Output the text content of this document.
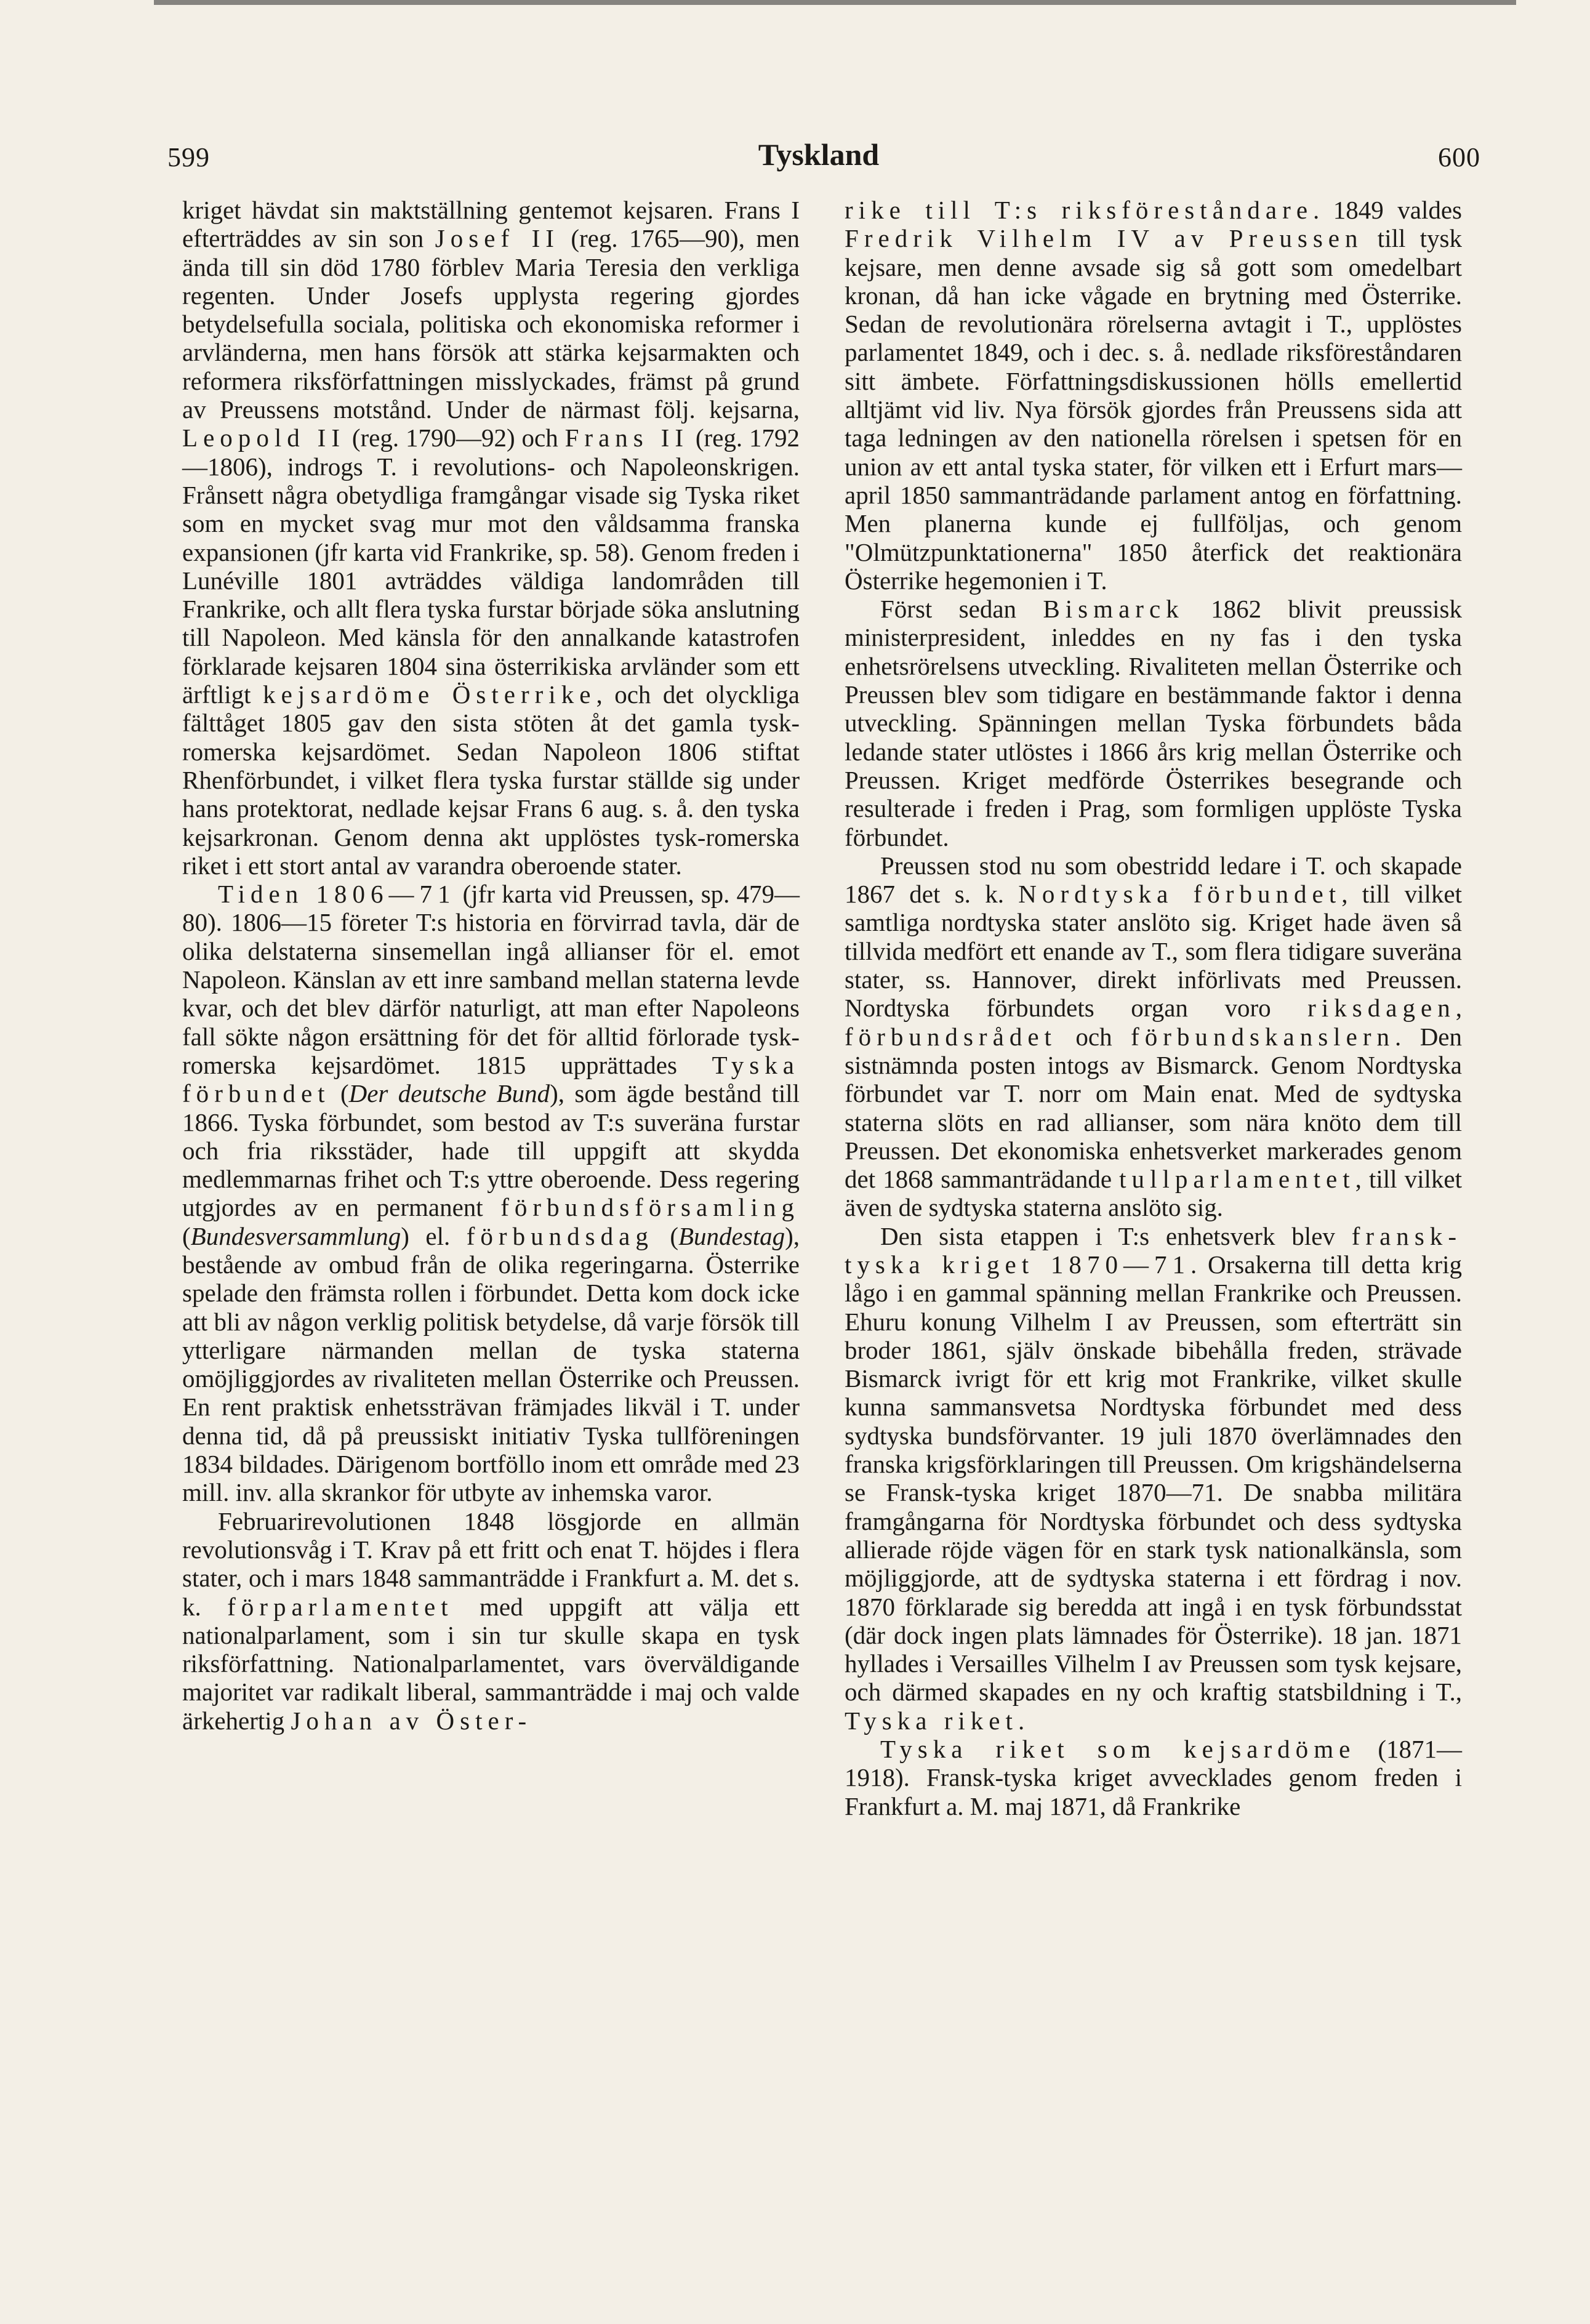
599	Tyskland	600

kriget hävdat sin maktställning gentemot kejsaren. Frans I efterträddes av sin son Josef II (reg. 1765—90), men ända till sin död 1780 förblev Maria Teresia den verkliga regenten. Under Josefs upplysta regering gjordes betydelsefulla sociala, politiska och ekonomiska reformer i arvländerna, men hans försök att stärka kejsarmakten och reformera riksförfattningen misslyckades, främst på grund av Preussens motstånd. Under de närmast följ. kejsarna, Leopold II (reg. 1790—92) och Frans II (reg. 1792—1806), indrogs T. i revolutions- och Napoleonskrigen. Frånsett några obetydliga framgångar visade sig Tyska riket som en mycket svag mur mot den våldsamma franska expansionen (jfr karta vid Frankrike, sp. 58). Genom freden i Lunéville 1801 avträddes väldiga landområden till Frankrike, och allt flera tyska furstar började söka anslutning till Napoleon. Med känsla för den annalkande katastrofen förklarade kejsaren 1804 sina österrikiska arvländer som ett ärftligt kejsardöme Österrike, och det olyckliga fälttåget 1805 gav den sista stöten åt det gamla tysk-romerska kejsardömet. Sedan Napoleon 1806 stiftat Rhenförbundet, i vilket flera tyska furstar ställde sig under hans protektorat, nedlade kejsar Frans 6 aug. s. å. den tyska kejsarkronan. Genom denna akt upplöstes tysk-romerska riket i ett stort antal av varandra oberoende stater.

Tiden 1806—71 (jfr karta vid Preussen, sp. 479—80). 1806—15 företer T:s historia en förvirrad tavla, där de olika delstaterna sinsemellan ingå allianser för el. emot Napoleon. Känslan av ett inre samband mellan staterna levde kvar, och det blev därför naturligt, att man efter Napoleons fall sökte någon ersättning för det för alltid förlorade tysk-romerska kejsardömet. 1815 upprättades Tyska förbundet (Der deutsche Bund), som ägde bestånd till 1866. Tyska förbundet, som bestod av T:s suveräna furstar och fria riksstäder, hade till uppgift att skydda medlemmarnas frihet och T:s yttre oberoende. Dess regering utgjordes av en permanent förbundsförsamling (Bundesversammlung) el. förbundsdag (Bundestag), bestående av ombud från de olika regeringarna. Österrike spelade den främsta rollen i förbundet. Detta kom dock icke att bli av någon verklig politisk betydelse, då varje försök till ytterligare närmanden mellan de tyska staterna omöjliggjordes av rivaliteten mellan Österrike och Preussen. En rent praktisk enhetssträvan främjades likväl i T. under denna tid, då på preussiskt initiativ Tyska tullföreningen 1834 bildades. Därigenom bortföllo inom ett område med 23 mill. inv. alla skrankor för utbyte av inhemska varor.

Februarirevolutionen 1848 lösgjorde en allmän revolutionsvåg i T. Krav på ett fritt och enat T. höjdes i flera stater, och i mars 1848 sammanträdde i Frankfurt a. M. det s. k. förparlamentet med uppgift att välja ett nationalparlament, som i sin tur skulle skapa en tysk riksförfattning. Nationalparlamentet, vars överväldigande majoritet var radikalt liberal, sammanträdde i maj och valde ärkehertig Johan av Öster-

rike till T:s riksföreståndare. 1849 valdes Fredrik Vilhelm IV av Preussen till tysk kejsare, men denne avsade sig så gott som omedelbart kronan, då han icke vågade en brytning med Österrike. Sedan de revolutionära rörelserna avtagit i T., upplöstes parlamentet 1849, och i dec. s. å. nedlade riksföreståndaren sitt ämbete. Författningsdiskussionen hölls emellertid alltjämt vid liv. Nya försök gjordes från Preussens sida att taga ledningen av den nationella rörelsen i spetsen för en union av ett antal tyska stater, för vilken ett i Erfurt mars—april 1850 sammanträdande parlament antog en författning. Men planerna kunde ej fullföljas, och genom "Olmützpunktationerna" 1850 återfick det reaktionära Österrike hegemonien i T.

Först sedan Bismarck 1862 blivit preussisk ministerpresident, inleddes en ny fas i den tyska enhetsrörelsens utveckling. Rivaliteten mellan Österrike och Preussen blev som tidigare en bestämmande faktor i denna utveckling. Spänningen mellan Tyska förbundets båda ledande stater utlöstes i 1866 års krig mellan Österrike och Preussen. Kriget medförde Österrikes besegrande och resulterade i freden i Prag, som formligen upplöste Tyska förbundet.

Preussen stod nu som obestridd ledare i T. och skapade 1867 det s. k. Nordtyska förbundet, till vilket samtliga nordtyska stater anslöto sig. Kriget hade även så tillvida medfört ett enande av T., som flera tidigare suveräna stater, ss. Hannover, direkt införlivats med Preussen. Nordtyska förbundets organ voro riksdagen, förbundsrådet och förbundskanslern. Den sistnämnda posten intogs av Bismarck. Genom Nordtyska förbundet var T. norr om Main enat. Med de sydtyska staterna slöts en rad allianser, som nära knöto dem till Preussen. Det ekonomiska enhetsverket markerades genom det 1868 sammanträdande tullparlamentet, till vilket även de sydtyska staterna anslöto sig.

Den sista etappen i T:s enhetsverk blev fransk-tyska kriget 1870—71. Orsakerna till detta krig lågo i en gammal spänning mellan Frankrike och Preussen. Ehuru konung Vilhelm I av Preussen, som efterträtt sin broder 1861, själv önskade bibehålla freden, strävade Bismarck ivrigt för ett krig mot Frankrike, vilket skulle kunna sammansvetsa Nordtyska förbundet med dess sydtyska bundsförvanter. 19 juli 1870 överlämnades den franska krigsförklaringen till Preussen. Om krigshändelserna se Fransk-tyska kriget 1870—71. De snabba militära framgångarna för Nordtyska förbundet och dess sydtyska allierade röjde vägen för en stark tysk nationalkänsla, som möjliggjorde, att de sydtyska staterna i ett fördrag i nov. 1870 förklarade sig beredda att ingå i en tysk förbundsstat (där dock ingen plats lämnades för Österrike). 18 jan. 1871 hyllades i Versailles Vilhelm I av Preussen som tysk kejsare, och därmed skapades en ny och kraftig statsbildning i T., Tyska riket.

Tyska riket som kejsardöme (1871—1918). Fransk-tyska kriget avvecklades genom freden i Frankfurt a. M. maj 1871, då Frankrike
